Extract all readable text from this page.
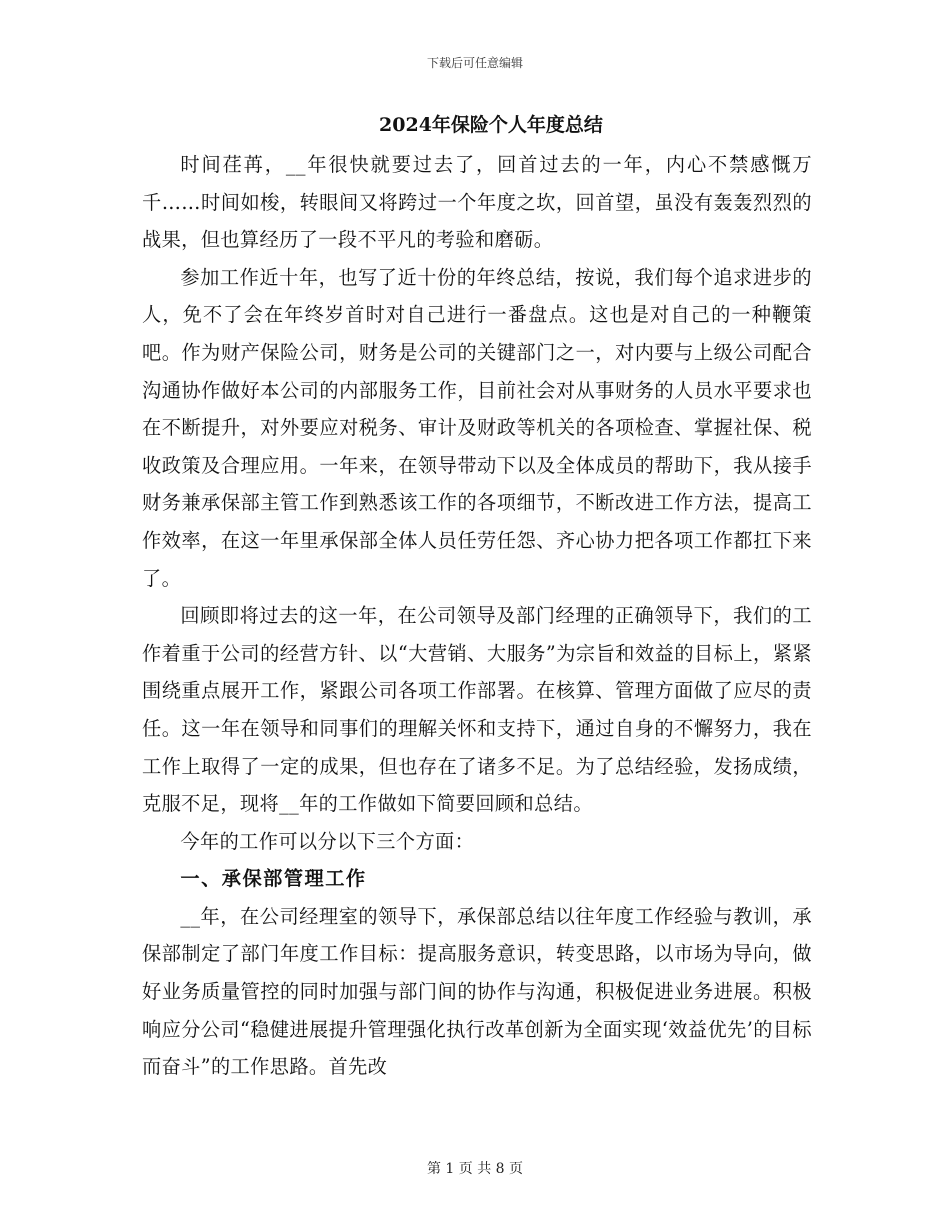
下载后可任意编辑
2024年保险个人年度总结

时间荏苒，__年很快就要过去了，回首过去的一年，内心不禁感慨万千……时间如梭，转眼间又将跨过一个年度之坎，回首望，虽没有轰轰烈烈的战果，但也算经历了一段不平凡的考验和磨砺。

参加工作近十年，也写了近十份的年终总结，按说，我们每个追求进步的人，免不了会在年终岁首时对自己进行一番盘点。这也是对自己的一种鞭策吧。作为财产保险公司，财务是公司的关键部门之一，对内要与上级公司配合沟通协作做好本公司的内部服务工作，目前社会对从事财务的人员水平要求也在不断提升，对外要应对税务、审计及财政等机关的各项检查、掌握社保、税收政策及合理应用。一年来，在领导带动下以及全体成员的帮助下，我从接手财务兼承保部主管工作到熟悉该工作的各项细节，不断改进工作方法，提高工作效率，在这一年里承保部全体人员任劳任怨、齐心协力把各项工作都扛下来了。

回顾即将过去的这一年，在公司领导及部门经理的正确领导下，我们的工作着重于公司的经营方针、以“大营销、大服务”为宗旨和效益的目标上，紧紧围绕重点展开工作，紧跟公司各项工作部署。在核算、管理方面做了应尽的责任。这一年在领导和同事们的理解关怀和支持下，通过自身的不懈努力，我在工作上取得了一定的成果，但也存在了诸多不足。为了总结经验，发扬成绩，克服不足，现将__年的工作做如下简要回顾和总结。

今年的工作可以分以下三个方面：

一、承保部管理工作

__年，在公司经理室的领导下，承保部总结以往年度工作经验与教训，承保部制定了部门年度工作目标：提高服务意识，转变思路，以市场为导向，做好业务质量管控的同时加强与部门间的协作与沟通，积极促进业务进展。积极响应分公司“稳健进展提升管理强化执行改革创新为全面实现‘效益优先’的目标而奋斗”的工作思路。首先改

第 1 页 共 8 页
